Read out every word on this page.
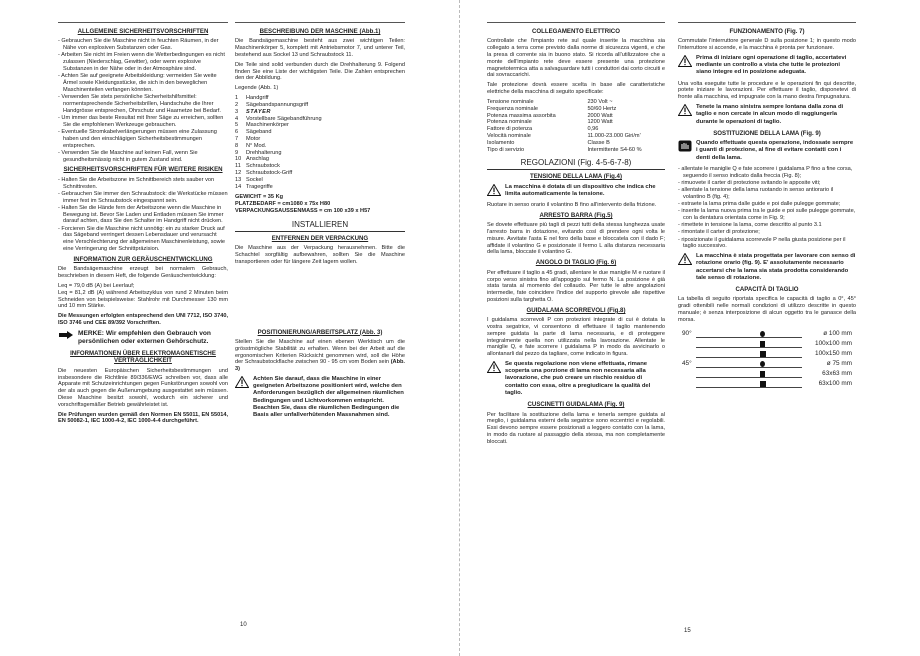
ALLGEMEINE SICHERHEITSVORSCHRIFTEN
- Gebrauchen Sie die Maschine nicht in feuchten Räumen, in der Nähe von explosiven Substanzen oder Gas.
- Arbeiten Sie nicht im Freien wenn die Wetterbedingungen es nicht zulassen (Niederschlag, Gewitter), oder wenn explosive Substanzen in der Nähe oder in der Atmosphäre sind.
- Achten Sie auf geeignete Arbeitskleidung: vermeiden Sie weite Ärmel sowie Kleidungsstücke, die sich in den beweglichen Maschinenteilen verfangen könnten.
- Verwenden Sie stets persönliche Sicherheitshilfsmittel: normentsprechende Sicherheitsbrillen, Handschuhe die Ihrer Handgrösse entsprechen, Ohrschutz und Haarnetze bei Bedarf.
- Um immer das beste Resultat mit Ihrer Säge zu erreichen, sollten Sie die empfohlenen Werkzeuge gebrauchen.
- Eventuelle Stromkabelverlängerungen müssen eine Zulassung haben und den einschlägigen Sicherheitsbestimmungen entsprechen.
- Verwenden Sie die Maschine auf keinen Fall, wenn Sie gesundheitsmässig nicht in gutem Zustand sind.
SICHERHEITSVORSCHRIFTEN FÜR WEITERE RISIKEN
- Halten Sie die Arbeitszone im Schnittbereich stets sauber von Schnittresten.
- Gebrauchen Sie immer den Schraubstock: die Werkstücke müssen immer fest im Schraubstock eingespannt sein.
- Halten Sie die Hände fern der Arbeitszone wenn die Maschine in Bewegung ist. Bevor Sie Laden und Entladen müssen Sie immer darauf achten, dass Sie den Schalter im Handgriff nicht drücken.
- Forcieren Sie die Maschine nicht unnötig: ein zu starker Druck auf das Sägeband verringert dessen Lebensdauer und verursacht eine Verschlechterung der allgemeinen Maschinenleistung, sowie eine Verringerung der Schnittpräzision.
INFORMATION ZUR GERÄUSCHENTWICKLUNG

Die Bandsägemaschine erzeugt bei normalem Gebrauch, beschrieben in diesem Heft, die folgende Geräuschentwicklung:

Leq = 79,0 dB (A) bei Leerlauf;
Leq = 81,2 dB (A) während Arbeitszyklus von rund 2 Minuten beim Schneiden von beispielsweise: Stahlrohr mit Durchmesser 130 mm und 10 mm Stärke.

Die Messungen erfolgten entsprechend den UNI 7712, ISO 3740, ISO 3746 und CEE 89/392 Vorschriften.

MERKE: Wir empfehlen den Gebrauch von persönlichen oder externen Gehörschutz.
INFORMATIONEN ÜBER ELEKTROMAGNETISCHE VERTRÄGLICHKEIT

Die neuesten Europäischen Sicherheitsbestimmungen und insbesondere die Richtlinie 89/336/EWG schreiben vor, dass alle Apparate mit Schutzeinrichtungen gegen Funkstörungen sowohl von der als auch gegen die Außenumgebung ausgestattet sein müssen. Diese Maschine besitzt sowohl, wodurch ein sicherer und vorschriftsgemäßer Betrieb gewährleistet ist.

Die Prüfungen wurden gemäß den Normen EN 55011, EN 55014, EN 50082-1, IEC 1000-4-2, IEC 1000-4-4 durchgeführt.

BESCHREIBUNG DER MASCHINE (Abb.1)

Die Bandsägemaschine besteht aus zwei wichtigen Teilen: Maschinenkörper 5, komplett mit Antriebsmotor 7, und unterer Teil, bestehend aus Sockel 13 und Schraubstock 11.

Die Teile sind solid verbunden durch die Drehhalterung 9. Folgend finden Sie eine Liste der wichtigsten Teile. Die Zahlen entsprechen den der Abbildung.

Legende (Abb. 1)

1	Handgriff
2	Sägebandspannungsgriff
3	STAYER
4	Vorstellbare Sägebandführung
5	Maschinenkörper
6	Sägeband
7	Motor
8	N° Mod.
9	Drehhalterung
10 Anschlag
11 Schraubstock
12 Schraubstock-Griff
13 Sockel
14 Tragegriffe

GEWICHT = 35 Kg

PLATZBEDARF = cm1080 x 75x H80

VERPACKUNGSAUSSENMASS = cm 100 x39 x H57

INSTALLIEREN
ENTFERNEN DER VERPACKUNG

Die Maschine aus der Verpackung herausnehmen. Bitte die Schachtel sorgfältig aufbewahren, sollten Sie die Maschine transportieren oder für längere Zeit lagern wollen.

POSITIONIERUNG/ARBEITSPLATZ (Abb. 3)

Stellen Sie die Maschine auf einen ebenen Werktisch um die grösstmögliche Stabilität zu erhalten. Wenn bei der Arbeit auf die ergonomischen Kriterien Rücksicht genommen wird, soll die Höhe der Schraubstockflache zwischen 90 - 95 cm vom Boden sein (Abb. 3)

Achten Sie darauf, dass die Maschine in einer geeigneten Arbeitszone positioniert wird, welche den Anforderungen bezüglich der allgemeinen räumlichen Bedingungen und Lichtvorkommen entspricht. Beachten Sie, dass die räumlichen Bedingungen die Basis aller unfallverhütenden Massnahmen sind.
10
COLLEGAMENTO ELETTRICO

Controllate che l'impianto rete sul quale inserite la macchina sia collegato a terra come previsto dalla norme di sicurezza vigenti, e che la presa di corrente sia in buono stato. Si ricorda all'utilizzatore che a monte dell'impianto rete deve essere presente una protezione magnetotermica atta a salvaguardare tutti i conduttori dai corto circuiti e dai sovraccarichi.

Tale protezione dovrà essere scelta in base alle caratteristiche elettriche della macchina di seguito specificate:

Tensione nominale	230 Volt ~
Frequenza nominale	50/60 Hertz
Potenza massima assorbita	2000 Watt
Potenza nominale	1200 Watt
Fattore di potenza	0,96
Velocità nominale	11.000-23.000 Giri/m'
Isolamento	Classe B
Tipo di servizio	Intermittente S4-60 %
REGOLAZIONI (Fig. 4-5-6-7-8)
TENSIONE DELLA LAMA (Fig.4)
La macchina è dotata di un dispositivo che indica che limita automaticamente la tensione.

Ruotare in senso orario il volantino B fino all'intervento della frizione.

ARRESTO BARRA (Fig.5)

Se dovete effettuare più tagli di pezzi tutti della stessa lunghezza usate l'arresto barra in dotazione, evitando così di prendere ogni volta le misure. Avvitate l'asta E nel foro della base e bloccatela con il dado F; affidate il volantino G e posizionate il fermo L alla distanza necessaria della lama, bloccate il volantino G.

ANGOLO DI TAGLIO (Fig. 6)

Per effettuare il taglio a 45 gradi, allentare le due maniglie M e ruotare il corpo verso sinistra fino all'appoggio sul fermo N. La posizione è già stata tarata al momento del collaudo. Per tutte le altre angolazioni intermedie, fate coincidere l'indice del supporto girevole alle rispettive posizioni sulla targhetta O.

GUIDALAMA SCORREVOLI (Fig.8)

I guidalama scorrevoli P con protezioni integrate di cui è dotata la vostra segatrice, vi consentono di effettuare il taglio mantenendo sempre guidata la parte di lama necessaria, e di proteggere integralmente quella non utilizzata nella lavorazione. Allentate le maniglie Q, e fate scorrere i guidalama P in modo da avvicinarlo o allontanarli dal pezzo da tagliare, come indicato in figura.

Se questa regolazione non viene effettuata, rimane scoperta una porzione di lama non necessaria alla lavorazione, che può creare un rischio residuo di contatto con essa, oltre a pregiudicare la qualità del taglio.
CUSCINETTI GUIDALAMA (Fig. 9)

Per facilitare la sostituzione della lama e tenerla sempre guidata al meglio, i guidalama esterni della segatrice sono eccentrici e regolabili. Essi devono sempre essere posizionati a leggero contatto con la lama, in modo da ruotare al passaggio della stessa, ma non completamente bloccati.

FUNZIONAMENTO (Fig. 7)

Commutate l'interruttore generale D sulla posizione 1; in questo modo l'interruttore si accende, e la macchina è pronta per funzionare.

Prima di iniziare ogni operazione di taglio, accertatevi mediante un controllo a vista che tutte le protezioni siano integre ed in posizione adeguata.

Una volta eseguite tutte le procedure e le operazioni fin qui descritte, potete iniziare le lavorazioni. Per effettuare il taglio, disponetevi di fronte alla macchina, ed impugnate con la mano destra l'impugnatura.

Tenete la mano sinistra sempre lontana dalla zona di taglio e non cercate in alcun modo di raggiungerla durante le operazioni di taglio.
SOSTITUZIONE DELLA LAMA (Fig. 9)
Quando effettuate questa operazione, indossate sempre i guanti di protezione, al fine di evitare contatti con i denti della lama.
- allentate le maniglie Q e fate scorrere i guidalama P fino a fine corsa, seguendo il senso indicato dalla freccia (Fig. 8);
- rimuovete il carter di protezione svitando le apposite viti;
- allentate la tensione della lama ruotando in senso antiorario il volantino B (fig. 4);
- estraete la lama prima dalle guide e poi dalle pulegge gommate;
- inserite la lama nuova prima tra le guide e poi sulle pulegge gommate, con la dentatura orientata come in Fig. 9;
- rimettete in tensione la lama, come descritto al punto 3.1
- rimontate il carter di protezione;
- riposizionate il guidalama scorrevole P nella giusta posizione per il taglio successivo.
La macchina è stata progettata per lavorare con senso di rotazione orario (fig. 9). E' assolutamente necessario accertarsi che la lama sia stata prodotta considerando tale senso di rotazione.
CAPACITÀ DI TAGLIO

La tabella di seguito riportata specifica le capacità di taglio a 0°, 45° gradi ottenibili nelle normali condizioni di utilizzo descritte in questo manuale; è senza interposizione di alcun oggetto tra le ganasce della morsa.

90°	ø 100 mm
100x100 mm
100x150 mm
45°	ø 75 mm
63x63 mm
63x100 mm
15
